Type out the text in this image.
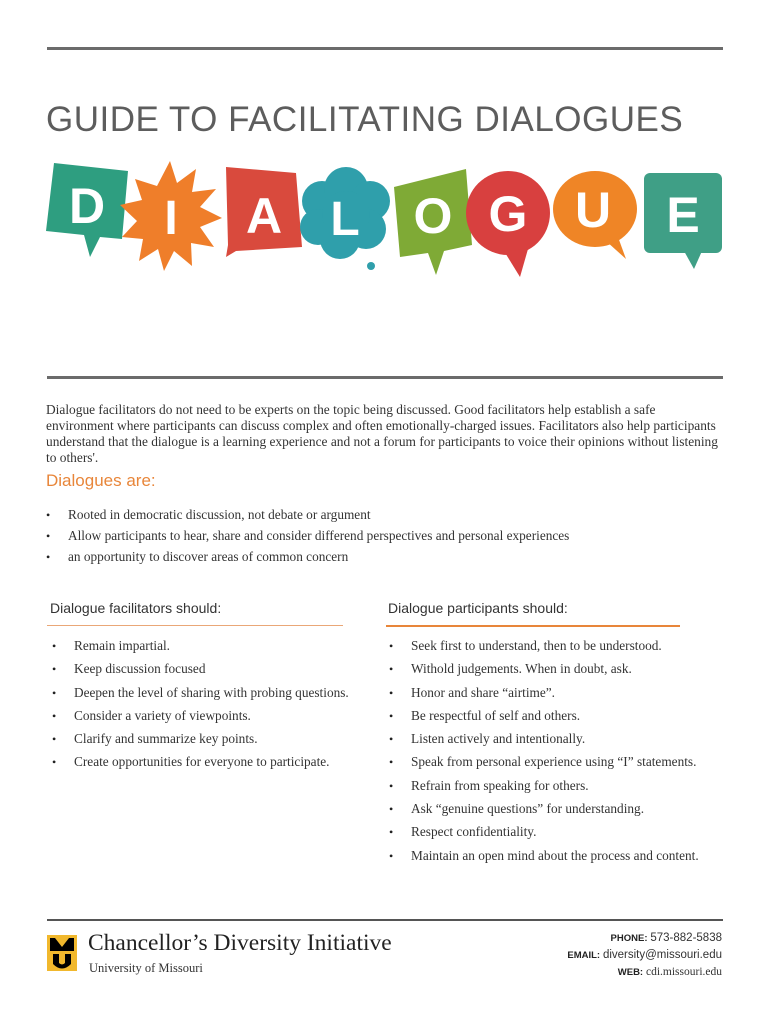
GUIDE TO FACILITATING DIALOGUES
D I A L O G U E

Dialogue facilitators do not need to be experts on the topic being discussed. Good facilitators help establish a safe environment where participants can discuss complex and often emotionally-charged issues. Facilitators also help participants understand that the dialogue is a learning experience and not a forum for participants to voice their opinions without listening to others'.

Dialogues are:
• Rooted in democratic discussion, not debate or argument
• Allow participants to hear, share and consider differend perspectives and personal experiences
• an opportunity to discover areas of common concern
Dialogue facilitators should:
• Remain impartial.
• Keep discussion focused
• Deepen the level of sharing with probing questions.
• Consider a variety of viewpoints.
• Clarify and summarize key points.
• Create opportunities for everyone to participate.
Dialogue participants should:
• Seek first to understand, then to be understood.
• Withold judgements. When in doubt, ask.
• Honor and share “airtime”.
• Be respectful of self and others.
• Listen actively and intentionally.
• Speak from personal experience using “I” statements.
• Refrain from speaking for others.
• Ask “genuine questions” for understanding.
• Respect confidentiality.
• Maintain an open mind about the process and content.

Chancellor’s Diversity Initiative

University of Missouri

PHONE: 573-882-5838
EMAIL: diversity@missouri.edu
WEB: cdi.missouri.edu
